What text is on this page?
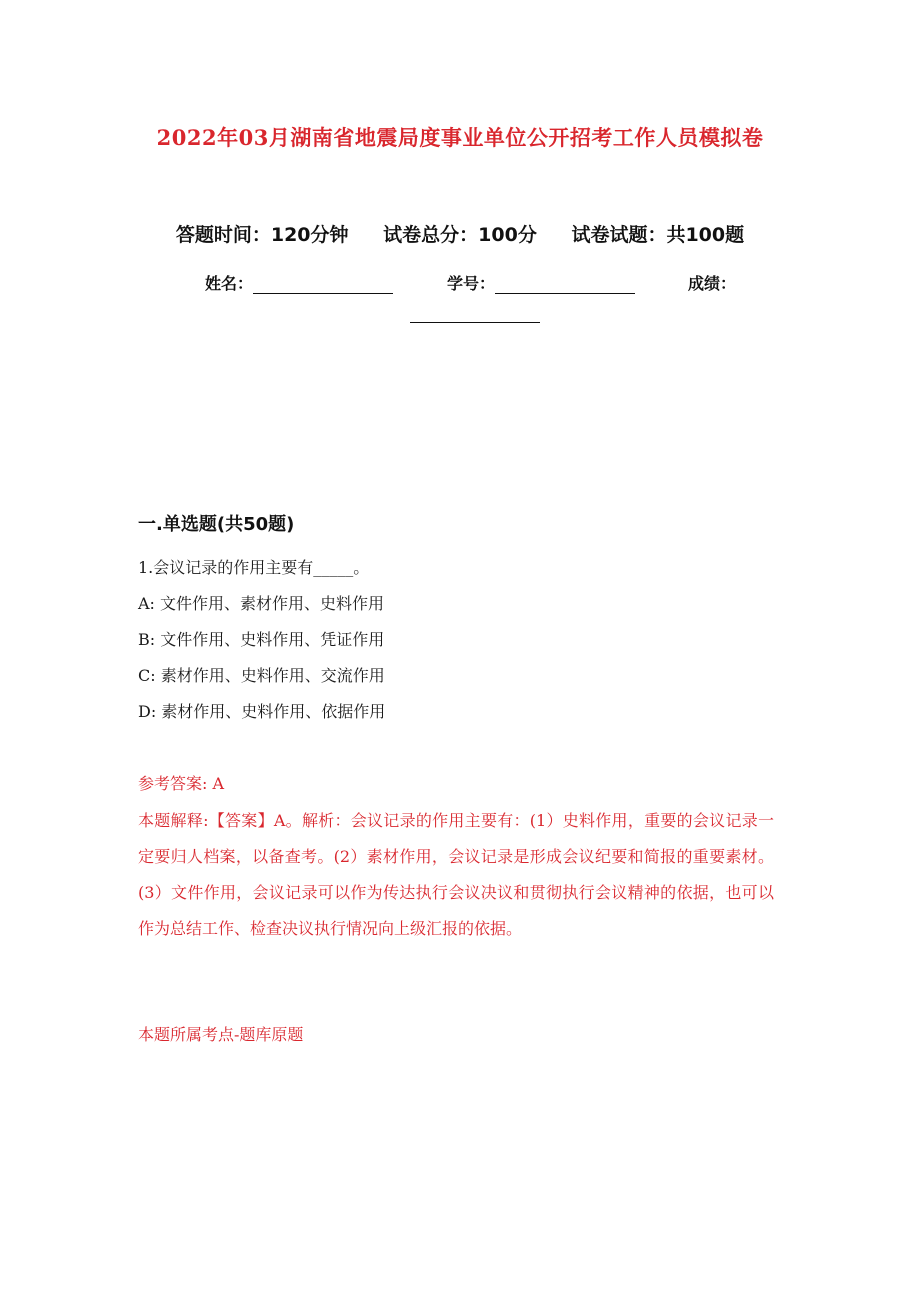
2022年03月湖南省地震局度事业单位公开招考工作人员模拟卷
答题时间：120分钟 试卷总分：100分 试卷试题：共100题
姓名：	学号：	成绩：
一.单选题(共50题)
1.会议记录的作用主要有_____。
A: 文件作用、素材作用、史料作用
B: 文件作用、史料作用、凭证作用
C: 素材作用、史料作用、交流作用
D: 素材作用、史料作用、依据作用
参考答案: A
本题解释:【答案】A。解析：会议记录的作用主要有：(1）史料作用，重要的会议记录一定要归人档案，以备查考。(2）素材作用，会议记录是形成会议纪要和简报的重要素材。(3）文件作用，会议记录可以作为传达执行会议决议和贯彻执行会议精神的依据，也可以作为总结工作、检查决议执行情况向上级汇报的依据。
本题所属考点-题库原题
